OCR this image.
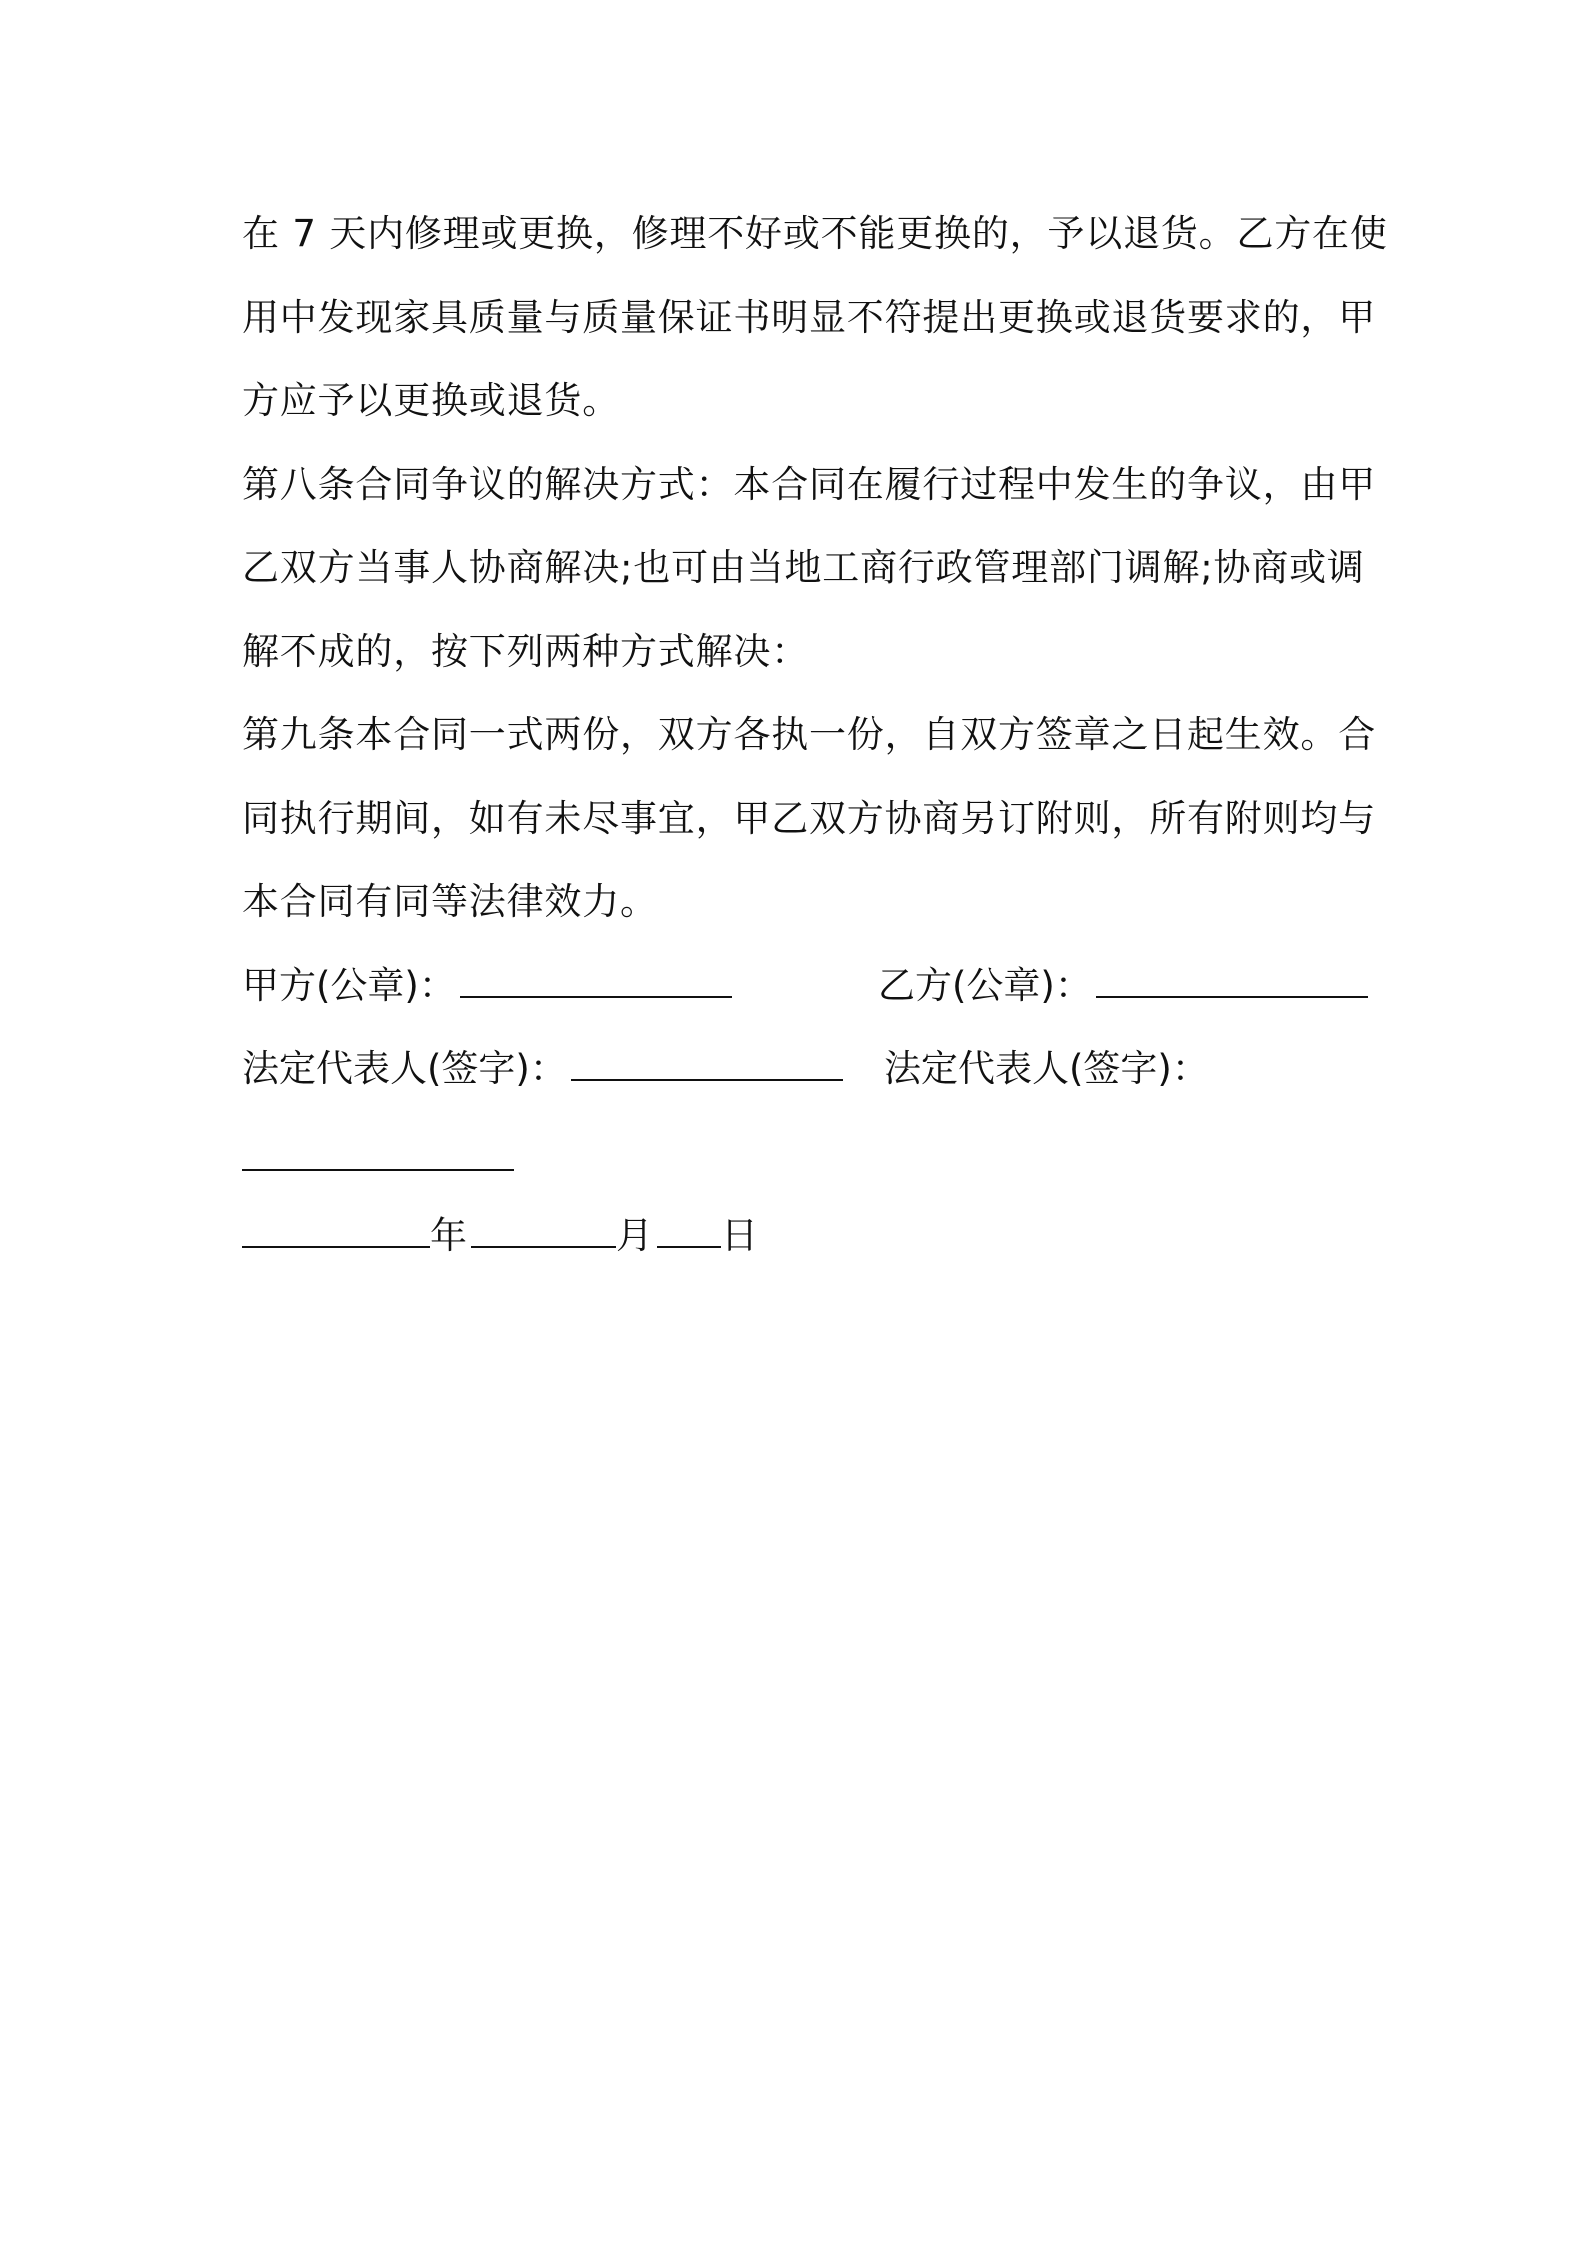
在 7 天内修理或更换，修理不好或不能更换的，予以退货。乙方在使
用中发现家具质量与质量保证书明显不符提出更换或退货要求的，甲
方应予以更换或退货。
第八条合同争议的解决方式：本合同在履行过程中发生的争议，由甲
乙双方当事人协商解决;也可由当地工商行政管理部门调解;协商或调
解不成的，按下列两种方式解决：
第九条本合同一式两份，双方各执一份，自双方签章之日起生效。合
同执行期间，如有未尽事宜，甲乙双方协商另订附则，所有附则均与
本合同有同等法律效力。
甲方(公章)：	乙方(公章)：
法定代表人(签字)：	法定代表人(签字)：
年	月 日
